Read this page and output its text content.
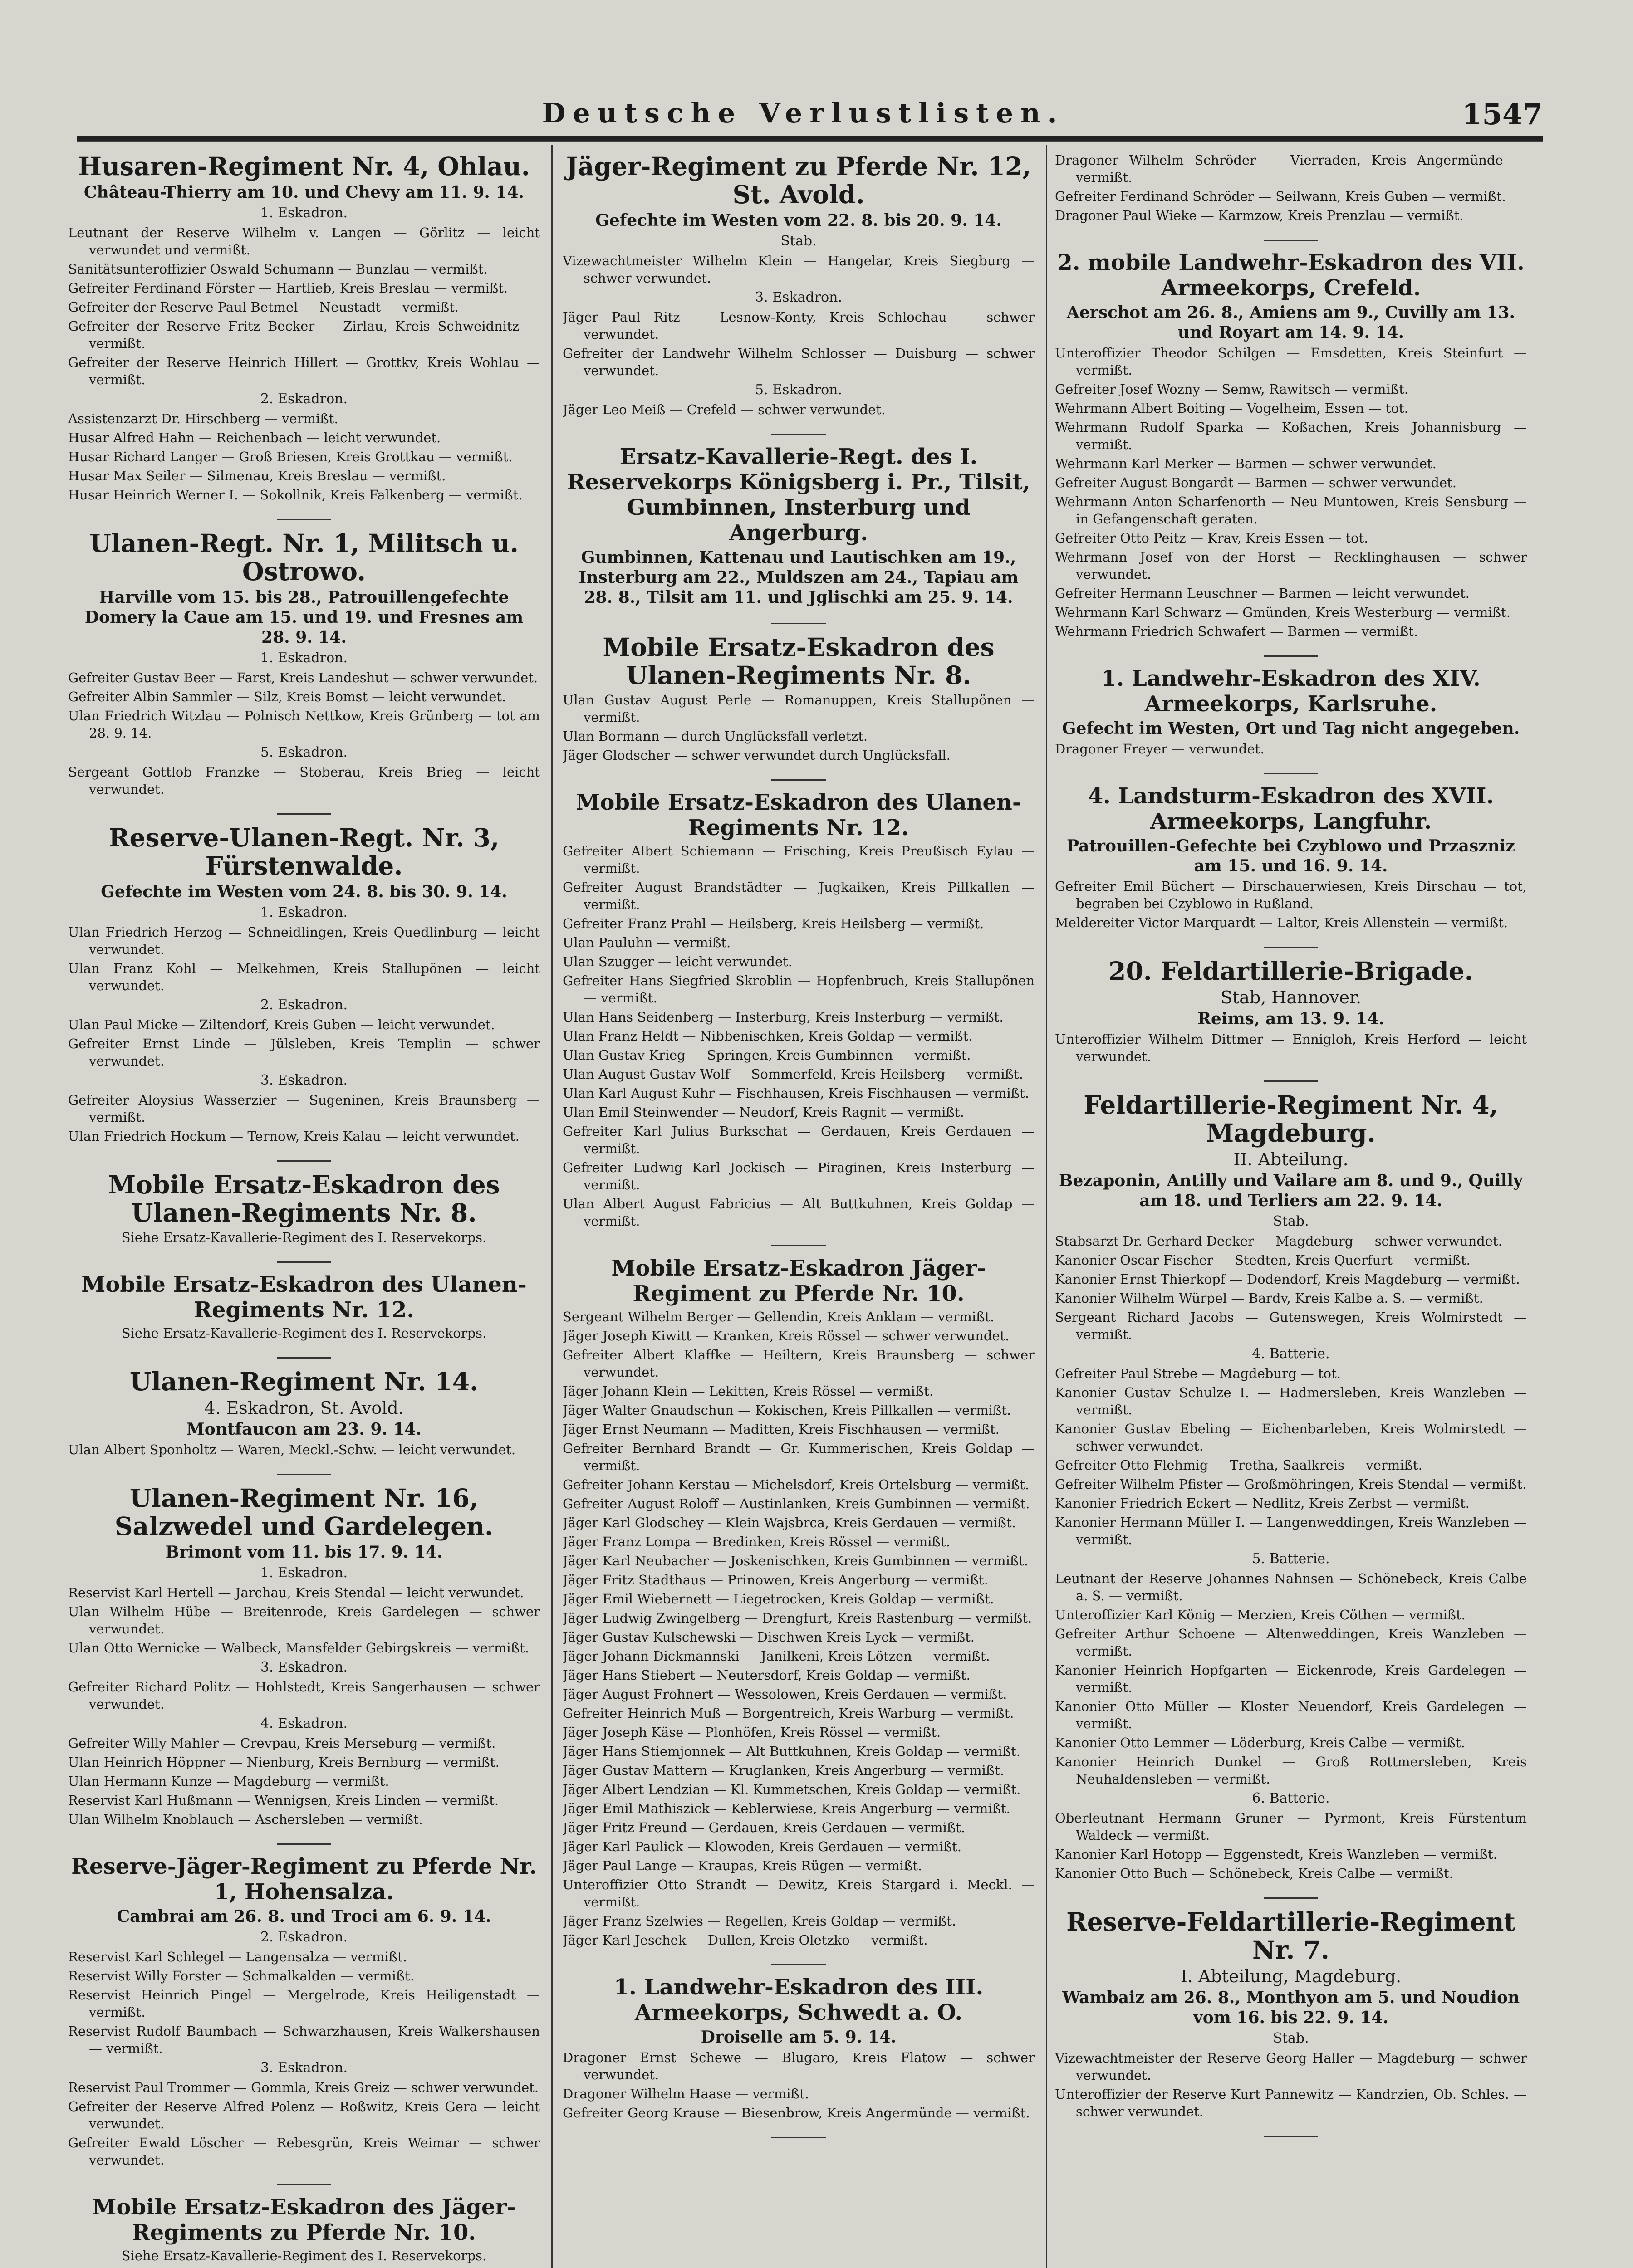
Deutsche Verlustlisten.	1547
Husaren-Regiment Nr. 4, Ohlau.
Château-Thierry am 10. und Chevy am 11. 9. 14.
1. Eskadron.
Leutnant der Reserve Wilhelm v. Langen — Görlitz — leicht verwundet und vermißt.
Sanitätsunteroffizier Oswald Schumann — Bunzlau — vermißt.
Gefreiter Ferdinand Förster — Hartlieb, Kreis Breslau — vermißt.
Gefreiter der Reserve Paul Betmel — Neustadt — vermißt.
Gefreiter der Reserve Fritz Becker — Zirlau, Kreis Schweidnitz — vermißt.
Gefreiter der Reserve Heinrich Hillert — Grottkv, Kreis Wohlau — vermißt.
2. Eskadron.
Assistenzarzt Dr. Hirschberg — vermißt.
Husar Alfred Hahn — Reichenbach — leicht verwundet.
Husar Richard Langer — Groß Briesen, Kreis Grottkau — vermißt.
Husar Max Seiler — Silmenau, Kreis Breslau — vermißt.
Husar Heinrich Werner I. — Sokollnik, Kreis Falkenberg — vermißt.
Ulanen-Regt. Nr. 1, Militsch u. Ostrowo.
Harville vom 15. bis 28., Patrouillengefechte Domery la Caue am 15. und 19. und Fresnes am 28. 9. 14.
1. Eskadron.
Gefreiter Gustav Beer — Farst, Kreis Landeshut — schwer verwundet.
Gefreiter Albin Sammler — Silz, Kreis Bomst — leicht verwundet.
Ulan Friedrich Witzlau — Polnisch Nettkow, Kreis Grünberg — tot am 28. 9. 14.
5. Eskadron.
Sergeant Gottlob Franzke — Stoberau, Kreis Brieg — leicht verwundet.
Reserve-Ulanen-Regt. Nr. 3, Fürstenwalde.
Gefechte im Westen vom 24. 8. bis 30. 9. 14.
1. Eskadron.
Ulan Friedrich Herzog — Schneidlingen, Kreis Quedlinburg — leicht verwundet.
Ulan Franz Kohl — Melkehmen, Kreis Stallupönen — leicht verwundet.
2. Eskadron.
Ulan Paul Micke — Ziltendorf, Kreis Guben — leicht verwundet.
Gefreiter Ernst Linde — Jülsleben, Kreis Templin — schwer verwundet.
3. Eskadron.
Gefreiter Aloysius Wasserzier — Sugeninen, Kreis Braunsberg — vermißt.
Ulan Friedrich Hockum — Ternow, Kreis Kalau — leicht verwundet.
Mobile Ersatz-Eskadron des Ulanen-Regiments Nr. 8.
Siehe Ersatz-Kavallerie-Regiment des I. Reservekorps.
Mobile Ersatz-Eskadron des Ulanen-Regiments Nr. 12.
Siehe Ersatz-Kavallerie-Regiment des I. Reservekorps.
Ulanen-Regiment Nr. 14.
4. Eskadron, St. Avold.
Montfaucon am 23. 9. 14.
Ulan Albert Sponholtz — Waren, Meckl.-Schw. — leicht verwundet.
Ulanen-Regiment Nr. 16, Salzwedel und Gardelegen.
Brimont vom 11. bis 17. 9. 14.
1. Eskadron.
Reservist Karl Hertell — Jarchau, Kreis Stendal — leicht verwundet.
Ulan Wilhelm Hübe — Breitenrode, Kreis Gardelegen — schwer verwundet.
Ulan Otto Wernicke — Walbeck, Mansfelder Gebirgskreis — vermißt.
3. Eskadron.
Gefreiter Richard Politz — Hohlstedt, Kreis Sangerhausen — schwer verwundet.
4. Eskadron.
Gefreiter Willy Mahler — Crevpau, Kreis Merseburg — vermißt.
Ulan Heinrich Höppner — Nienburg, Kreis Bernburg — vermißt.
Ulan Hermann Kunze — Magdeburg — vermißt.
Reservist Karl Hußmann — Wennigsen, Kreis Linden — vermißt.
Ulan Wilhelm Knoblauch — Aschersleben — vermißt.
Reserve-Jäger-Regiment zu Pferde Nr. 1, Hohensalza.
Cambrai am 26. 8. und Troci am 6. 9. 14.
2. Eskadron.
Reservist Karl Schlegel — Langensalza — vermißt.
Reservist Willy Forster — Schmalkalden — vermißt.
Reservist Heinrich Pingel — Mergelrode, Kreis Heiligenstadt — vermißt.
Reservist Rudolf Baumbach — Schwarzhausen, Kreis Walkershausen — vermißt.
3. Eskadron.
Reservist Paul Trommer — Gommla, Kreis Greiz — schwer verwundet.
Gefreiter der Reserve Alfred Polenz — Roßwitz, Kreis Gera — leicht verwundet.
Gefreiter Ewald Löscher — Rebesgrün, Kreis Weimar — schwer verwundet.
Mobile Ersatz-Eskadron des Jäger-Regiments zu Pferde Nr. 10.
Siehe Ersatz-Kavallerie-Regiment des I. Reservekorps.
Jäger-Regiment zu Pferde Nr. 12, St. Avold.
Gefechte im Westen vom 22. 8. bis 20. 9. 14.
Stab.
Vizewachtmeister Wilhelm Klein — Hangelar, Kreis Siegburg — schwer verwundet.
3. Eskadron.
Jäger Paul Ritz — Lesnow-Konty, Kreis Schlochau — schwer verwundet.
Gefreiter der Landwehr Wilhelm Schlosser — Duisburg — schwer verwundet.
5. Eskadron.
Jäger Leo Meiß — Crefeld — schwer verwundet.
Ersatz-Kavallerie-Regt. des I. Reservekorps Königsberg i. Pr., Tilsit, Gumbinnen, Insterburg und Angerburg.
Gumbinnen, Kattenau und Lautischken am 19., Insterburg am 22., Muldszen am 24., Tapiau am 28. 8., Tilsit am 11. und Jglischki am 25. 9. 14.
Mobile Ersatz-Eskadron des Ulanen-Regiments Nr. 8.
Ulan Gustav August Perle — Romanuppen, Kreis Stallupönen — vermißt.
Ulan Bormann — durch Unglücksfall verletzt.
Jäger Glodscher — schwer verwundet durch Unglücksfall.
Mobile Ersatz-Eskadron des Ulanen-Regiments Nr. 12.
Gefreiter Albert Schiemann — Frisching, Kreis Preußisch Eylau — vermißt.
Gefreiter August Brandstädter — Jugkaiken, Kreis Pillkallen — vermißt.
Gefreiter Franz Prahl — Heilsberg, Kreis Heilsberg — vermißt.
Ulan Pauluhn — vermißt.
Ulan Szugger — leicht verwundet.
Gefreiter Hans Siegfried Skroblin — Hopfenbruch, Kreis Stallupönen — vermißt.
Ulan Hans Seidenberg — Insterburg, Kreis Insterburg — vermißt.
Ulan Franz Heldt — Nibbenischken, Kreis Goldap — vermißt.
Ulan Gustav Krieg — Springen, Kreis Gumbinnen — vermißt.
Ulan August Gustav Wolf — Sommerfeld, Kreis Heilsberg — vermißt.
Ulan Karl August Kuhr — Fischhausen, Kreis Fischhausen — vermißt.
Ulan Emil Steinwender — Neudorf, Kreis Ragnit — vermißt.
Gefreiter Karl Julius Burkschat — Gerdauen, Kreis Gerdauen — vermißt.
Gefreiter Ludwig Karl Jockisch — Piraginen, Kreis Insterburg — vermißt.
Ulan Albert August Fabricius — Alt Buttkuhnen, Kreis Goldap — vermißt.
Mobile Ersatz-Eskadron Jäger-Regiment zu Pferde Nr. 10.
Sergeant Wilhelm Berger — Gellendin, Kreis Anklam — vermißt.
Jäger Joseph Kiwitt — Kranken, Kreis Rössel — schwer verwundet.
Gefreiter Albert Klaffke — Heiltern, Kreis Braunsberg — schwer verwundet.
Jäger Johann Klein — Lekitten, Kreis Rössel — vermißt.
Jäger Walter Gnaudschun — Kokischen, Kreis Pillkallen — vermißt.
Jäger Ernst Neumann — Maditten, Kreis Fischhausen — vermißt.
Gefreiter Bernhard Brandt — Gr. Kummerischen, Kreis Goldap — vermißt.
Gefreiter Johann Kerstau — Michelsdorf, Kreis Ortelsburg — vermißt.
Gefreiter August Roloff — Austinlanken, Kreis Gumbinnen — vermißt.
Jäger Karl Glodschey — Klein Wajsbrca, Kreis Gerdauen — vermißt.
Jäger Franz Lompa — Bredinken, Kreis Rössel — vermißt.
Jäger Karl Neubacher — Joskenischken, Kreis Gumbinnen — vermißt.
Jäger Fritz Stadthaus — Prinowen, Kreis Angerburg — vermißt.
Jäger Emil Wiebernett — Liegetrocken, Kreis Goldap — vermißt.
Jäger Ludwig Zwingelberg — Drengfurt, Kreis Rastenburg — vermißt.
Jäger Gustav Kulschewski — Dischwen Kreis Lyck — vermißt.
Jäger Johann Dickmannski — Janilkeni, Kreis Lötzen — vermißt.
Jäger Hans Stiebert — Neutersdorf, Kreis Goldap — vermißt.
Jäger August Frohnert — Wessolowen, Kreis Gerdauen — vermißt.
Gefreiter Heinrich Muß — Borgentreich, Kreis Warburg — vermißt.
Jäger Joseph Käse — Plonhöfen, Kreis Rössel — vermißt.
Jäger Hans Stiemjonnek — Alt Buttkuhnen, Kreis Goldap — vermißt.
Jäger Gustav Mattern — Kruglanken, Kreis Angerburg — vermißt.
Jäger Albert Lendzian — Kl. Kummetschen, Kreis Goldap — vermißt.
Jäger Emil Mathiszick — Keblerwiese, Kreis Angerburg — vermißt.
Jäger Fritz Freund — Gerdauen, Kreis Gerdauen — vermißt.
Jäger Karl Paulick — Klowoden, Kreis Gerdauen — vermißt.
Jäger Paul Lange — Kraupas, Kreis Rügen — vermißt.
Unteroffizier Otto Strandt — Dewitz, Kreis Stargard i. Meckl. — vermißt.
Jäger Franz Szelwies — Regellen, Kreis Goldap — vermißt.
Jäger Karl Jeschek — Dullen, Kreis Oletzko — vermißt.
1. Landwehr-Eskadron des III. Armeekorps, Schwedt a. O.
Droiselle am 5. 9. 14.
Dragoner Ernst Schewe — Blugaro, Kreis Flatow — schwer verwundet.
Dragoner Wilhelm Haase — vermißt.
Gefreiter Georg Krause — Biesenbrow, Kreis Angermünde — vermißt.
Dragoner Wilhelm Schröder — Vierraden, Kreis Angermünde — vermißt.
Gefreiter Ferdinand Schröder — Seilwann, Kreis Guben — vermißt.
Dragoner Paul Wieke — Karmzow, Kreis Prenzlau — vermißt.
2. mobile Landwehr-Eskadron des VII. Armeekorps, Crefeld.
Aerschot am 26. 8., Amiens am 9., Cuvilly am 13. und Royart am 14. 9. 14.
Unteroffizier Theodor Schilgen — Emsdetten, Kreis Steinfurt — vermißt.
Gefreiter Josef Wozny — Semw, Rawitsch — vermißt.
Wehrmann Albert Boiting — Vogelheim, Essen — tot.
Wehrmann Rudolf Sparka — Koßachen, Kreis Johannisburg — vermißt.
Wehrmann Karl Merker — Barmen — schwer verwundet.
Gefreiter August Bongardt — Barmen — schwer verwundet.
Wehrmann Anton Scharfenorth — Neu Muntowen, Kreis Sensburg — in Gefangenschaft geraten.
Gefreiter Otto Peitz — Krav, Kreis Essen — tot.
Wehrmann Josef von der Horst — Recklinghausen — schwer verwundet.
Gefreiter Hermann Leuschner — Barmen — leicht verwundet.
Wehrmann Karl Schwarz — Gmünden, Kreis Westerburg — vermißt.
Wehrmann Friedrich Schwafert — Barmen — vermißt.
1. Landwehr-Eskadron des XIV. Armeekorps, Karlsruhe.
Gefecht im Westen, Ort und Tag nicht angegeben.
Dragoner Freyer — verwundet.
4. Landsturm-Eskadron des XVII. Armeekorps, Langfuhr.
Patrouillen-Gefechte bei Czyblowo und Przaszniz am 15. und 16. 9. 14.
Gefreiter Emil Büchert — Dirschauerwiesen, Kreis Dirschau — tot, begraben bei Czyblowo in Rußland.
Meldereiter Victor Marquardt — Laltor, Kreis Allenstein — vermißt.
20. Feldartillerie-Brigade.
Stab, Hannover.
Reims, am 13. 9. 14.
Unteroffizier Wilhelm Dittmer — Ennigloh, Kreis Herford — leicht verwundet.
Feldartillerie-Regiment Nr. 4, Magdeburg.
II. Abteilung.
Bezaponin, Antilly und Vailare am 8. und 9., Quilly am 18. und Terliers am 22. 9. 14.
Stab.
Stabsarzt Dr. Gerhard Decker — Magdeburg — schwer verwundet.
Kanonier Oscar Fischer — Stedten, Kreis Querfurt — vermißt.
Kanonier Ernst Thierkopf — Dodendorf, Kreis Magdeburg — vermißt.
Kanonier Wilhelm Würpel — Bardv, Kreis Kalbe a. S. — vermißt.
Sergeant Richard Jacobs — Gutenswegen, Kreis Wolmirstedt — vermißt.
4. Batterie.
Gefreiter Paul Strebe — Magdeburg — tot.
Kanonier Gustav Schulze I. — Hadmersleben, Kreis Wanzleben — vermißt.
Kanonier Gustav Ebeling — Eichenbarleben, Kreis Wolmirstedt — schwer verwundet.
Gefreiter Otto Flehmig — Tretha, Saalkreis — vermißt.
Gefreiter Wilhelm Pfister — Großmöhringen, Kreis Stendal — vermißt.
Kanonier Friedrich Eckert — Nedlitz, Kreis Zerbst — vermißt.
Kanonier Hermann Müller I. — Langenweddingen, Kreis Wanzleben — vermißt.
5. Batterie.
Leutnant der Reserve Johannes Nahnsen — Schönebeck, Kreis Calbe a. S. — vermißt.
Unteroffizier Karl König — Merzien, Kreis Cöthen — vermißt.
Gefreiter Arthur Schoene — Altenweddingen, Kreis Wanzleben — vermißt.
Kanonier Heinrich Hopfgarten — Eickenrode, Kreis Gardelegen — vermißt.
Kanonier Otto Müller — Kloster Neuendorf, Kreis Gardelegen — vermißt.
Kanonier Otto Lemmer — Löderburg, Kreis Calbe — vermißt.
Kanonier Heinrich Dunkel — Groß Rottmersleben, Kreis Neuhaldensleben — vermißt.
6. Batterie.
Oberleutnant Hermann Gruner — Pyrmont, Kreis Fürstentum Waldeck — vermißt.
Kanonier Karl Hotopp — Eggenstedt, Kreis Wanzleben — vermißt.
Kanonier Otto Buch — Schönebeck, Kreis Calbe — vermißt.
Reserve-Feldartillerie-Regiment Nr. 7.
I. Abteilung, Magdeburg.
Wambaiz am 26. 8., Monthyon am 5. und Noudion vom 16. bis 22. 9. 14.
Stab.
Vizewachtmeister der Reserve Georg Haller — Magdeburg — schwer verwundet.
Unteroffizier der Reserve Kurt Pannewitz — Kandrzien, Ob. Schles. — schwer verwundet.
